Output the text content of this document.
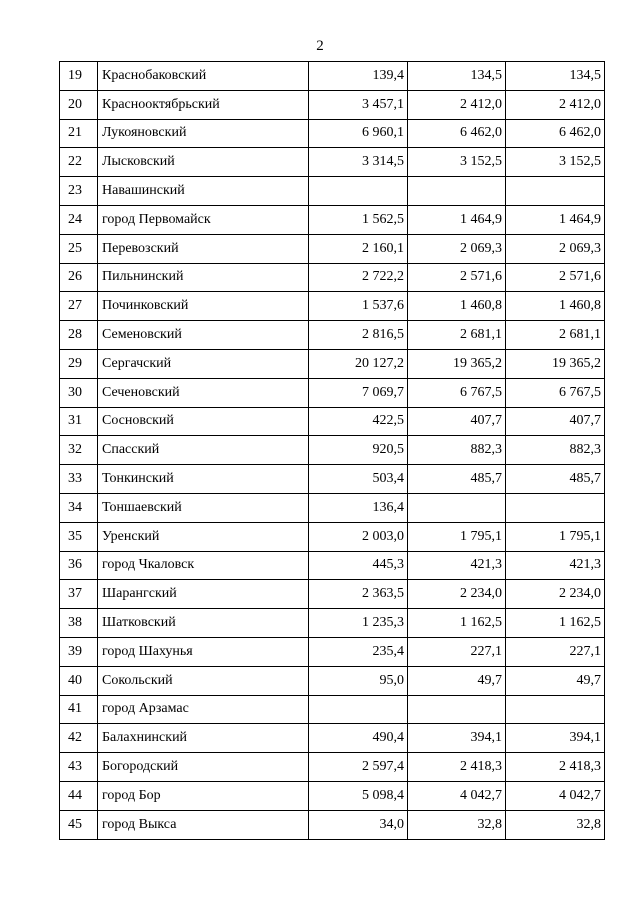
2
19	Краснобаковский	139,4	134,5	134,5
20	Краснооктябрьский	3 457,1	2 412,0	2 412,0
21	Лукояновский	6 960,1	6 462,0	6 462,0
22	Лысковский	3 314,5	3 152,5	3 152,5
23	Навашинский			
24	город Первомайск	1 562,5	1 464,9	1 464,9
25	Перевозский	2 160,1	2 069,3	2 069,3
26	Пильнинский	2 722,2	2 571,6	2 571,6
27	Починковский	1 537,6	1 460,8	1 460,8
28	Семеновский	2 816,5	2 681,1	2 681,1
29	Сергачский	20 127,2	19 365,2	19 365,2
30	Сеченовский	7 069,7	6 767,5	6 767,5
31	Сосновский	422,5	407,7	407,7
32	Спасский	920,5	882,3	882,3
33	Тонкинский	503,4	485,7	485,7
34	Тоншаевский	136,4		
35	Уренский	2 003,0	1 795,1	1 795,1
36	город Чкаловск	445,3	421,3	421,3
37	Шарангский	2 363,5	2 234,0	2 234,0
38	Шатковский	1 235,3	1 162,5	1 162,5
39	город Шахунья	235,4	227,1	227,1
40	Сокольский	95,0	49,7	49,7
41	город Арзамас			
42	Балахнинский	490,4	394,1	394,1
43	Богородский	2 597,4	2 418,3	2 418,3
44	город Бор	5 098,4	4 042,7	4 042,7
45	город Выкса	34,0	32,8	32,8
